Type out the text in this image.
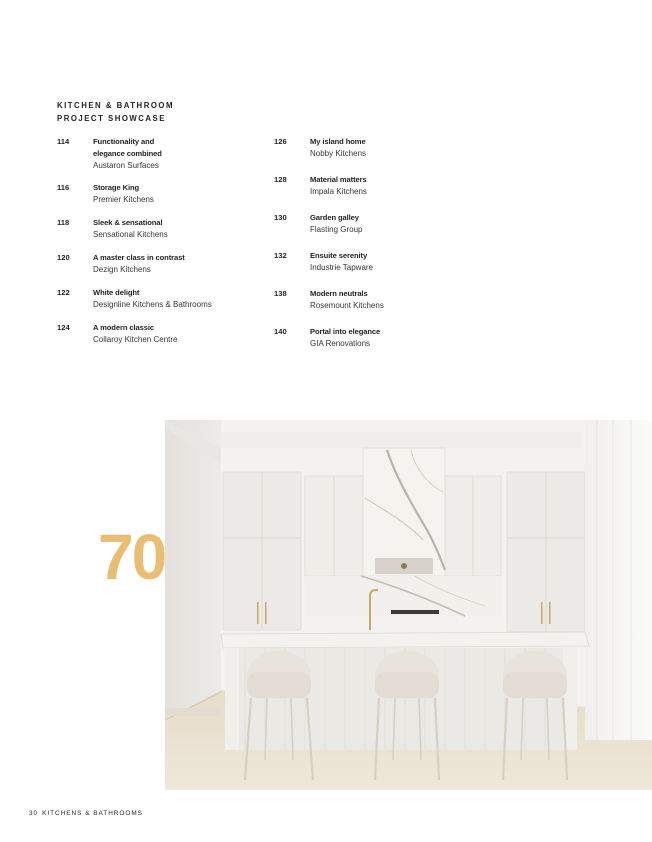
KITCHEN & BATHROOM
PROJECT SHOWCASE
114	Functionality and
elegance combined
Austaron Surfaces
116	Storage King
Premier Kitchens
118	Sleek & sensational
Sensational Kitchens
120	A master class in contrast
Dezign Kitchens
122	White delight
Designline Kitchens & Bathrooms
124	A modern classic
Collaroy Kitchen Centre
126	My island home
Nobby Kitchens
128	Material matters
Impala Kitchens
130	Garden galley
Flasting Group
132	Ensuite serenity
Industrie Tapware
138	Modern neutrals
Rosemount Kitchens
140	Portal into elegance
GIA Renovations
70
30 KITCHENS & BATHROOMS
